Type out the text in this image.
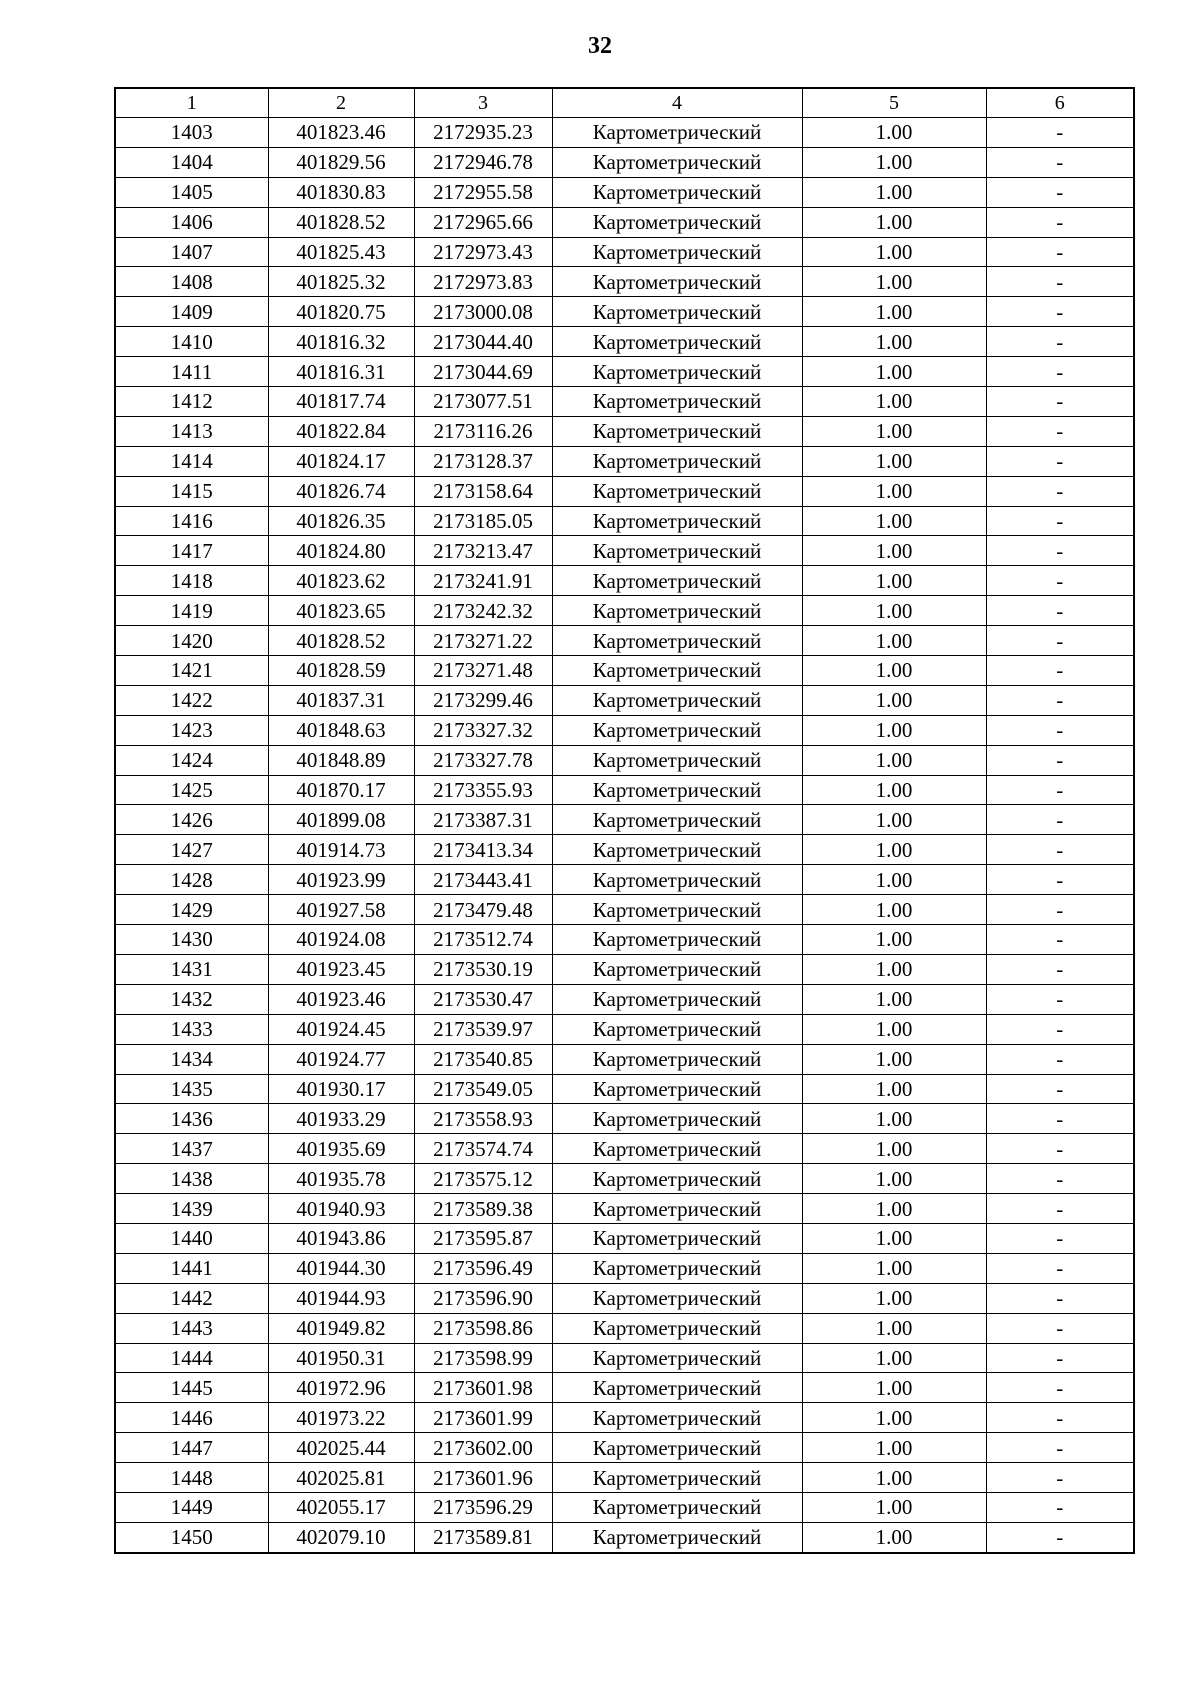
32
1	2	3	4	5	6
1403	401823.46	2172935.23	Картометрический	1.00	-
1404	401829.56	2172946.78	Картометрический	1.00	-
1405	401830.83	2172955.58	Картометрический	1.00	-
1406	401828.52	2172965.66	Картометрический	1.00	-
1407	401825.43	2172973.43	Картометрический	1.00	-
1408	401825.32	2172973.83	Картометрический	1.00	-
1409	401820.75	2173000.08	Картометрический	1.00	-
1410	401816.32	2173044.40	Картометрический	1.00	-
1411	401816.31	2173044.69	Картометрический	1.00	-
1412	401817.74	2173077.51	Картометрический	1.00	-
1413	401822.84	2173116.26	Картометрический	1.00	-
1414	401824.17	2173128.37	Картометрический	1.00	-
1415	401826.74	2173158.64	Картометрический	1.00	-
1416	401826.35	2173185.05	Картометрический	1.00	-
1417	401824.80	2173213.47	Картометрический	1.00	-
1418	401823.62	2173241.91	Картометрический	1.00	-
1419	401823.65	2173242.32	Картометрический	1.00	-
1420	401828.52	2173271.22	Картометрический	1.00	-
1421	401828.59	2173271.48	Картометрический	1.00	-
1422	401837.31	2173299.46	Картометрический	1.00	-
1423	401848.63	2173327.32	Картометрический	1.00	-
1424	401848.89	2173327.78	Картометрический	1.00	-
1425	401870.17	2173355.93	Картометрический	1.00	-
1426	401899.08	2173387.31	Картометрический	1.00	-
1427	401914.73	2173413.34	Картометрический	1.00	-
1428	401923.99	2173443.41	Картометрический	1.00	-
1429	401927.58	2173479.48	Картометрический	1.00	-
1430	401924.08	2173512.74	Картометрический	1.00	-
1431	401923.45	2173530.19	Картометрический	1.00	-
1432	401923.46	2173530.47	Картометрический	1.00	-
1433	401924.45	2173539.97	Картометрический	1.00	-
1434	401924.77	2173540.85	Картометрический	1.00	-
1435	401930.17	2173549.05	Картометрический	1.00	-
1436	401933.29	2173558.93	Картометрический	1.00	-
1437	401935.69	2173574.74	Картометрический	1.00	-
1438	401935.78	2173575.12	Картометрический	1.00	-
1439	401940.93	2173589.38	Картометрический	1.00	-
1440	401943.86	2173595.87	Картометрический	1.00	-
1441	401944.30	2173596.49	Картометрический	1.00	-
1442	401944.93	2173596.90	Картометрический	1.00	-
1443	401949.82	2173598.86	Картометрический	1.00	-
1444	401950.31	2173598.99	Картометрический	1.00	-
1445	401972.96	2173601.98	Картометрический	1.00	-
1446	401973.22	2173601.99	Картометрический	1.00	-
1447	402025.44	2173602.00	Картометрический	1.00	-
1448	402025.81	2173601.96	Картометрический	1.00	-
1449	402055.17	2173596.29	Картометрический	1.00	-
1450	402079.10	2173589.81	Картометрический	1.00	-
